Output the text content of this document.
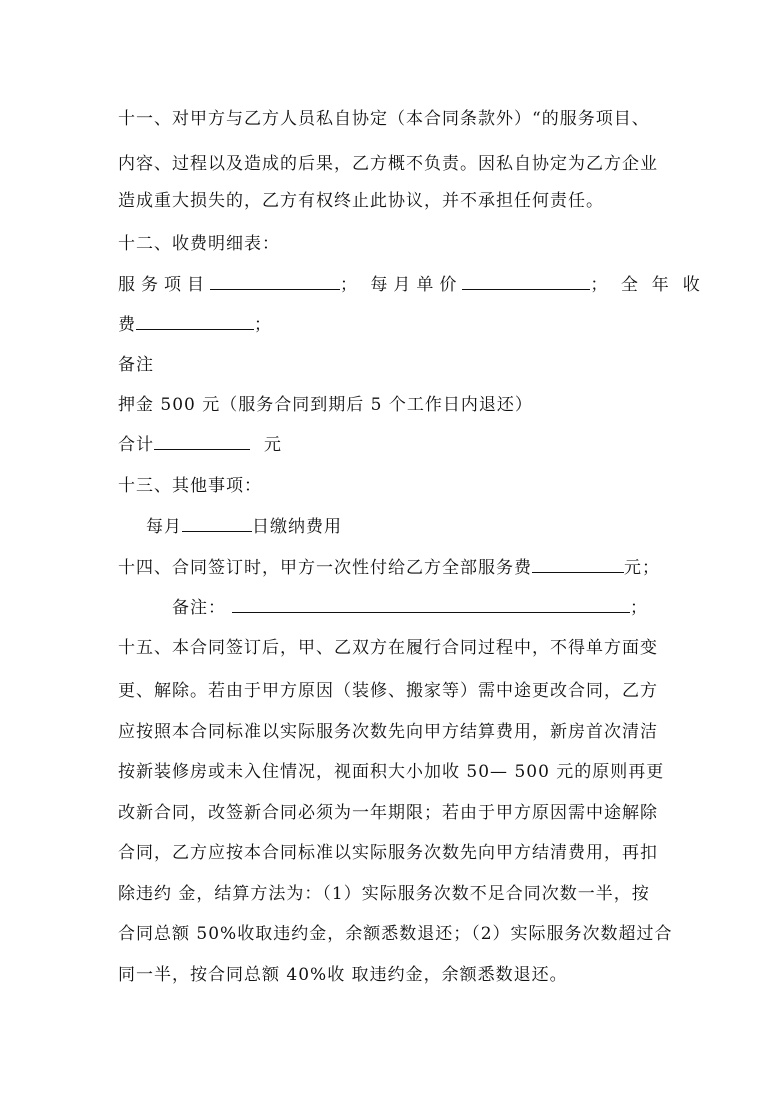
十一、对甲方与乙方人员私自协定（本合同条款外）“的服务项目、
内容、过程以及造成的后果，乙方概不负责。因私自协定为乙方企业
造成重大损失的，乙方有权终止此协议，并不承担任何责任。
十二、收费明细表：
服务项目	； 每月单价	； 全年收
费	；
备注
押金 500 元（服务合同到期后 5 个工作日内退还）
合计	元
十三、其他事项：
每月	日缴纳费用
十四、合同签订时，甲方一次性付给乙方全部服务费	元；
备注：	；
十五、本合同签订后，甲、乙双方在履行合同过程中，不得单方面变
更、解除。若由于甲方原因（装修、搬家等）需中途更改合同，乙方
应按照本合同标准以实际服务次数先向甲方结算费用，新房首次清洁
按新装修房或未入住情况，视面积大小加收 50— 500 元的原则再更
改新合同，改签新合同必须为一年期限；若由于甲方原因需中途解除
合同，乙方应按本合同标准以实际服务次数先向甲方结清费用，再扣
除违约 金，结算方法为：（1）实际服务次数不足合同次数一半，按
合同总额 50%收取违约金，余额悉数退还；（2）实际服务次数超过合
同一半，按合同总额 40%收 取违约金，余额悉数退还。
